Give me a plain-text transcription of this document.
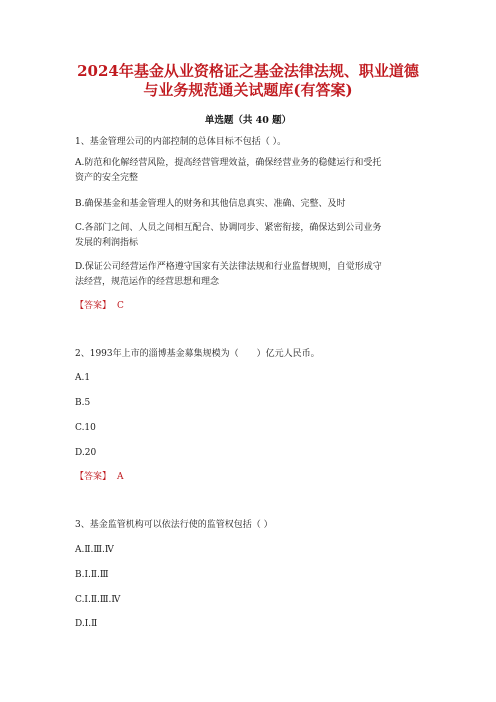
2024年基金从业资格证之基金法律法规、职业道德
与业务规范通关试题库(有答案)
单选题（共 40 题）
1、基金管理公司的内部控制的总体目标不包括（ ）。
A.防范和化解经营风险，提高经营管理效益，确保经营业务的稳健运行和受托
资产的安全完整
B.确保基金和基金管理人的财务和其他信息真实、准确、完整、及时
C.各部门之间、人员之间相互配合、协调同步、紧密衔接，确保达到公司业务
发展的利润指标
D.保证公司经营运作严格遵守国家有关法律法规和行业监督规则，自觉形成守
法经营，规范运作的经营思想和理念
【答案】 C
2、1993年上市的淄博基金募集规模为（　　）亿元人民币。
A.1
B.5
C.10
D.20
【答案】 A
3、基金监管机构可以依法行使的监管权包括（ ）
A.Ⅱ.Ⅲ.Ⅳ
B.Ⅰ.Ⅱ.Ⅲ
C.Ⅰ.Ⅱ.Ⅲ.Ⅳ
D.Ⅰ.Ⅱ
